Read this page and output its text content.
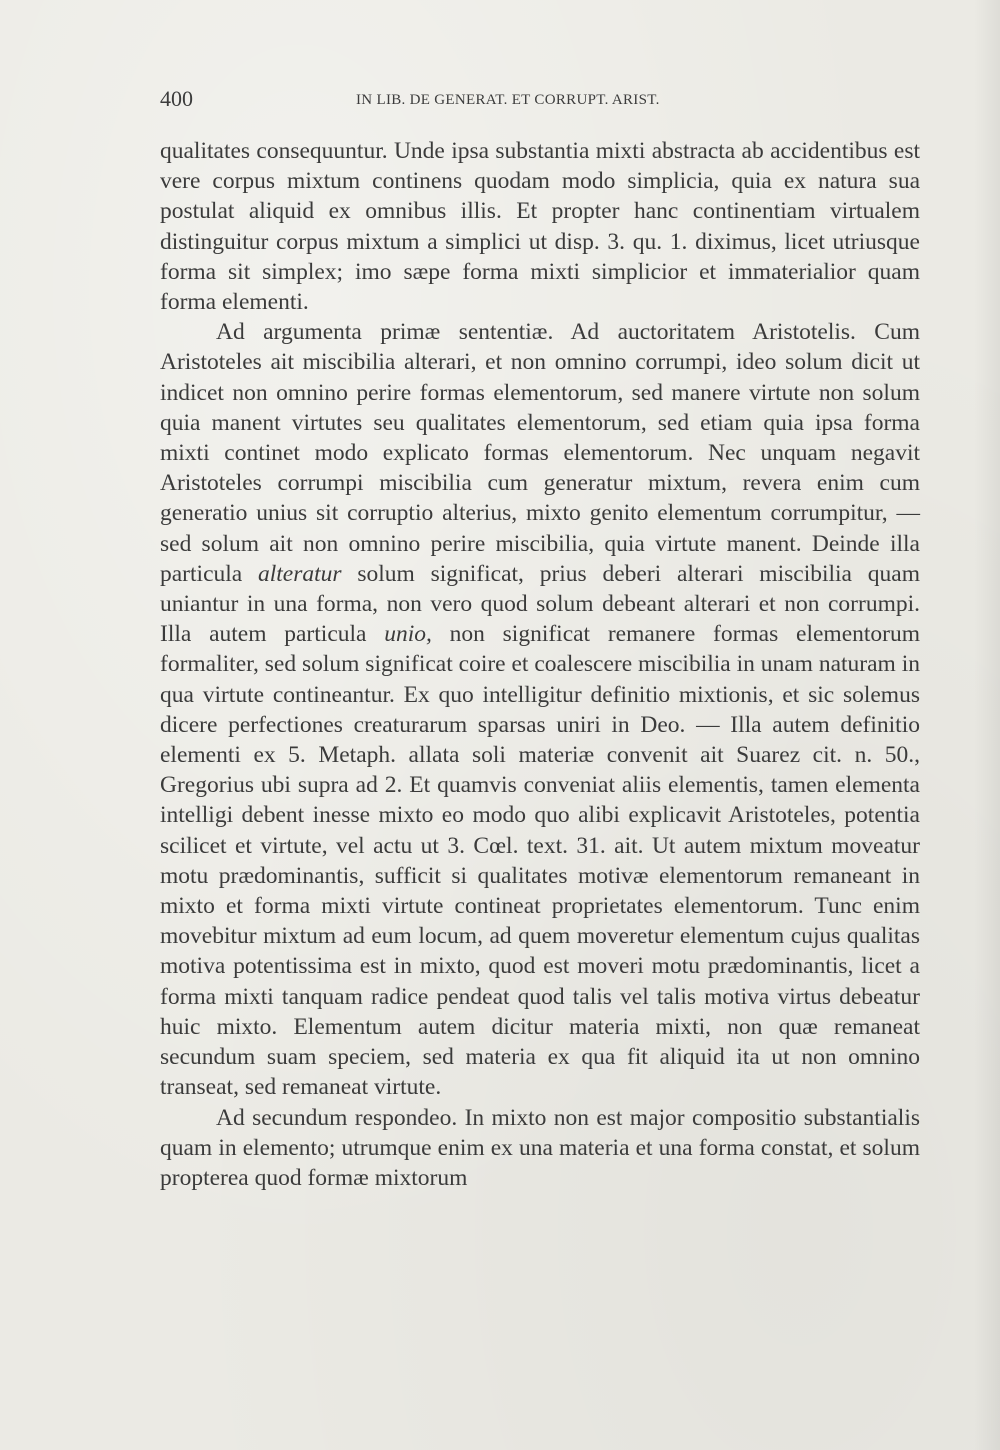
400	IN LIB. DE GENERAT. ET CORRUPT. ARIST.

qualitates consequuntur. Unde ipsa substantia mixti abstracta ab accidentibus est vere corpus mixtum continens quodam modo simplicia, quia ex natura sua postulat aliquid ex omnibus illis. Et propter hanc continentiam virtualem distinguitur corpus mixtum a simplici ut disp. 3. qu. 1. diximus, licet utriusque forma sit simplex; imo sæpe forma mixti simplicior et immaterialior quam forma elementi.

Ad argumenta primæ sententiæ. Ad auctoritatem Aristotelis. Cum Aristoteles ait miscibilia alterari, et non omnino corrumpi, ideo solum dicit ut indicet non omnino perire formas elementorum, sed manere virtute non solum quia manent virtutes seu qualitates elementorum, sed etiam quia ipsa forma mixti continet modo explicato formas elementorum. Nec unquam negavit Aristoteles corrumpi miscibilia cum generatur mixtum, revera enim cum generatio unius sit corruptio alterius, mixto genito elementum corrumpitur, — sed solum ait non omnino perire miscibilia, quia virtute manent. Deinde illa particula alteratur solum significat, prius deberi alterari miscibilia quam uniantur in una forma, non vero quod solum debeant alterari et non corrumpi. Illa autem particula unio, non significat remanere formas elementorum formaliter, sed solum significat coire et coalescere miscibilia in unam naturam in qua virtute contineantur. Ex quo intelligitur definitio mixtionis, et sic solemus dicere perfectiones creaturarum sparsas uniri in Deo. — Illa autem definitio elementi ex 5. Metaph. allata soli materiæ convenit ait Suarez cit. n. 50., Gregorius ubi supra ad 2. Et quamvis conveniat aliis elementis, tamen elementa intelligi debent inesse mixto eo modo quo alibi explicavit Aristoteles, potentia scilicet et virtute, vel actu ut 3. Cœl. text. 31. ait. Ut autem mixtum moveatur motu prædominantis, sufficit si qualitates motivæ elementorum remaneant in mixto et forma mixti virtute contineat proprietates elementorum. Tunc enim movebitur mixtum ad eum locum, ad quem moveretur elementum cujus qualitas motiva potentissima est in mixto, quod est moveri motu prædominantis, licet a forma mixti tanquam radice pendeat quod talis vel talis motiva virtus debeatur huic mixto. Elementum autem dicitur materia mixti, non quæ remaneat secundum suam speciem, sed materia ex qua fit aliquid ita ut non omnino transeat, sed remaneat virtute.

Ad secundum respondeo. In mixto non est major compositio substantialis quam in elemento; utrumque enim ex una materia et una forma constat, et solum propterea quod formæ mixtorum
